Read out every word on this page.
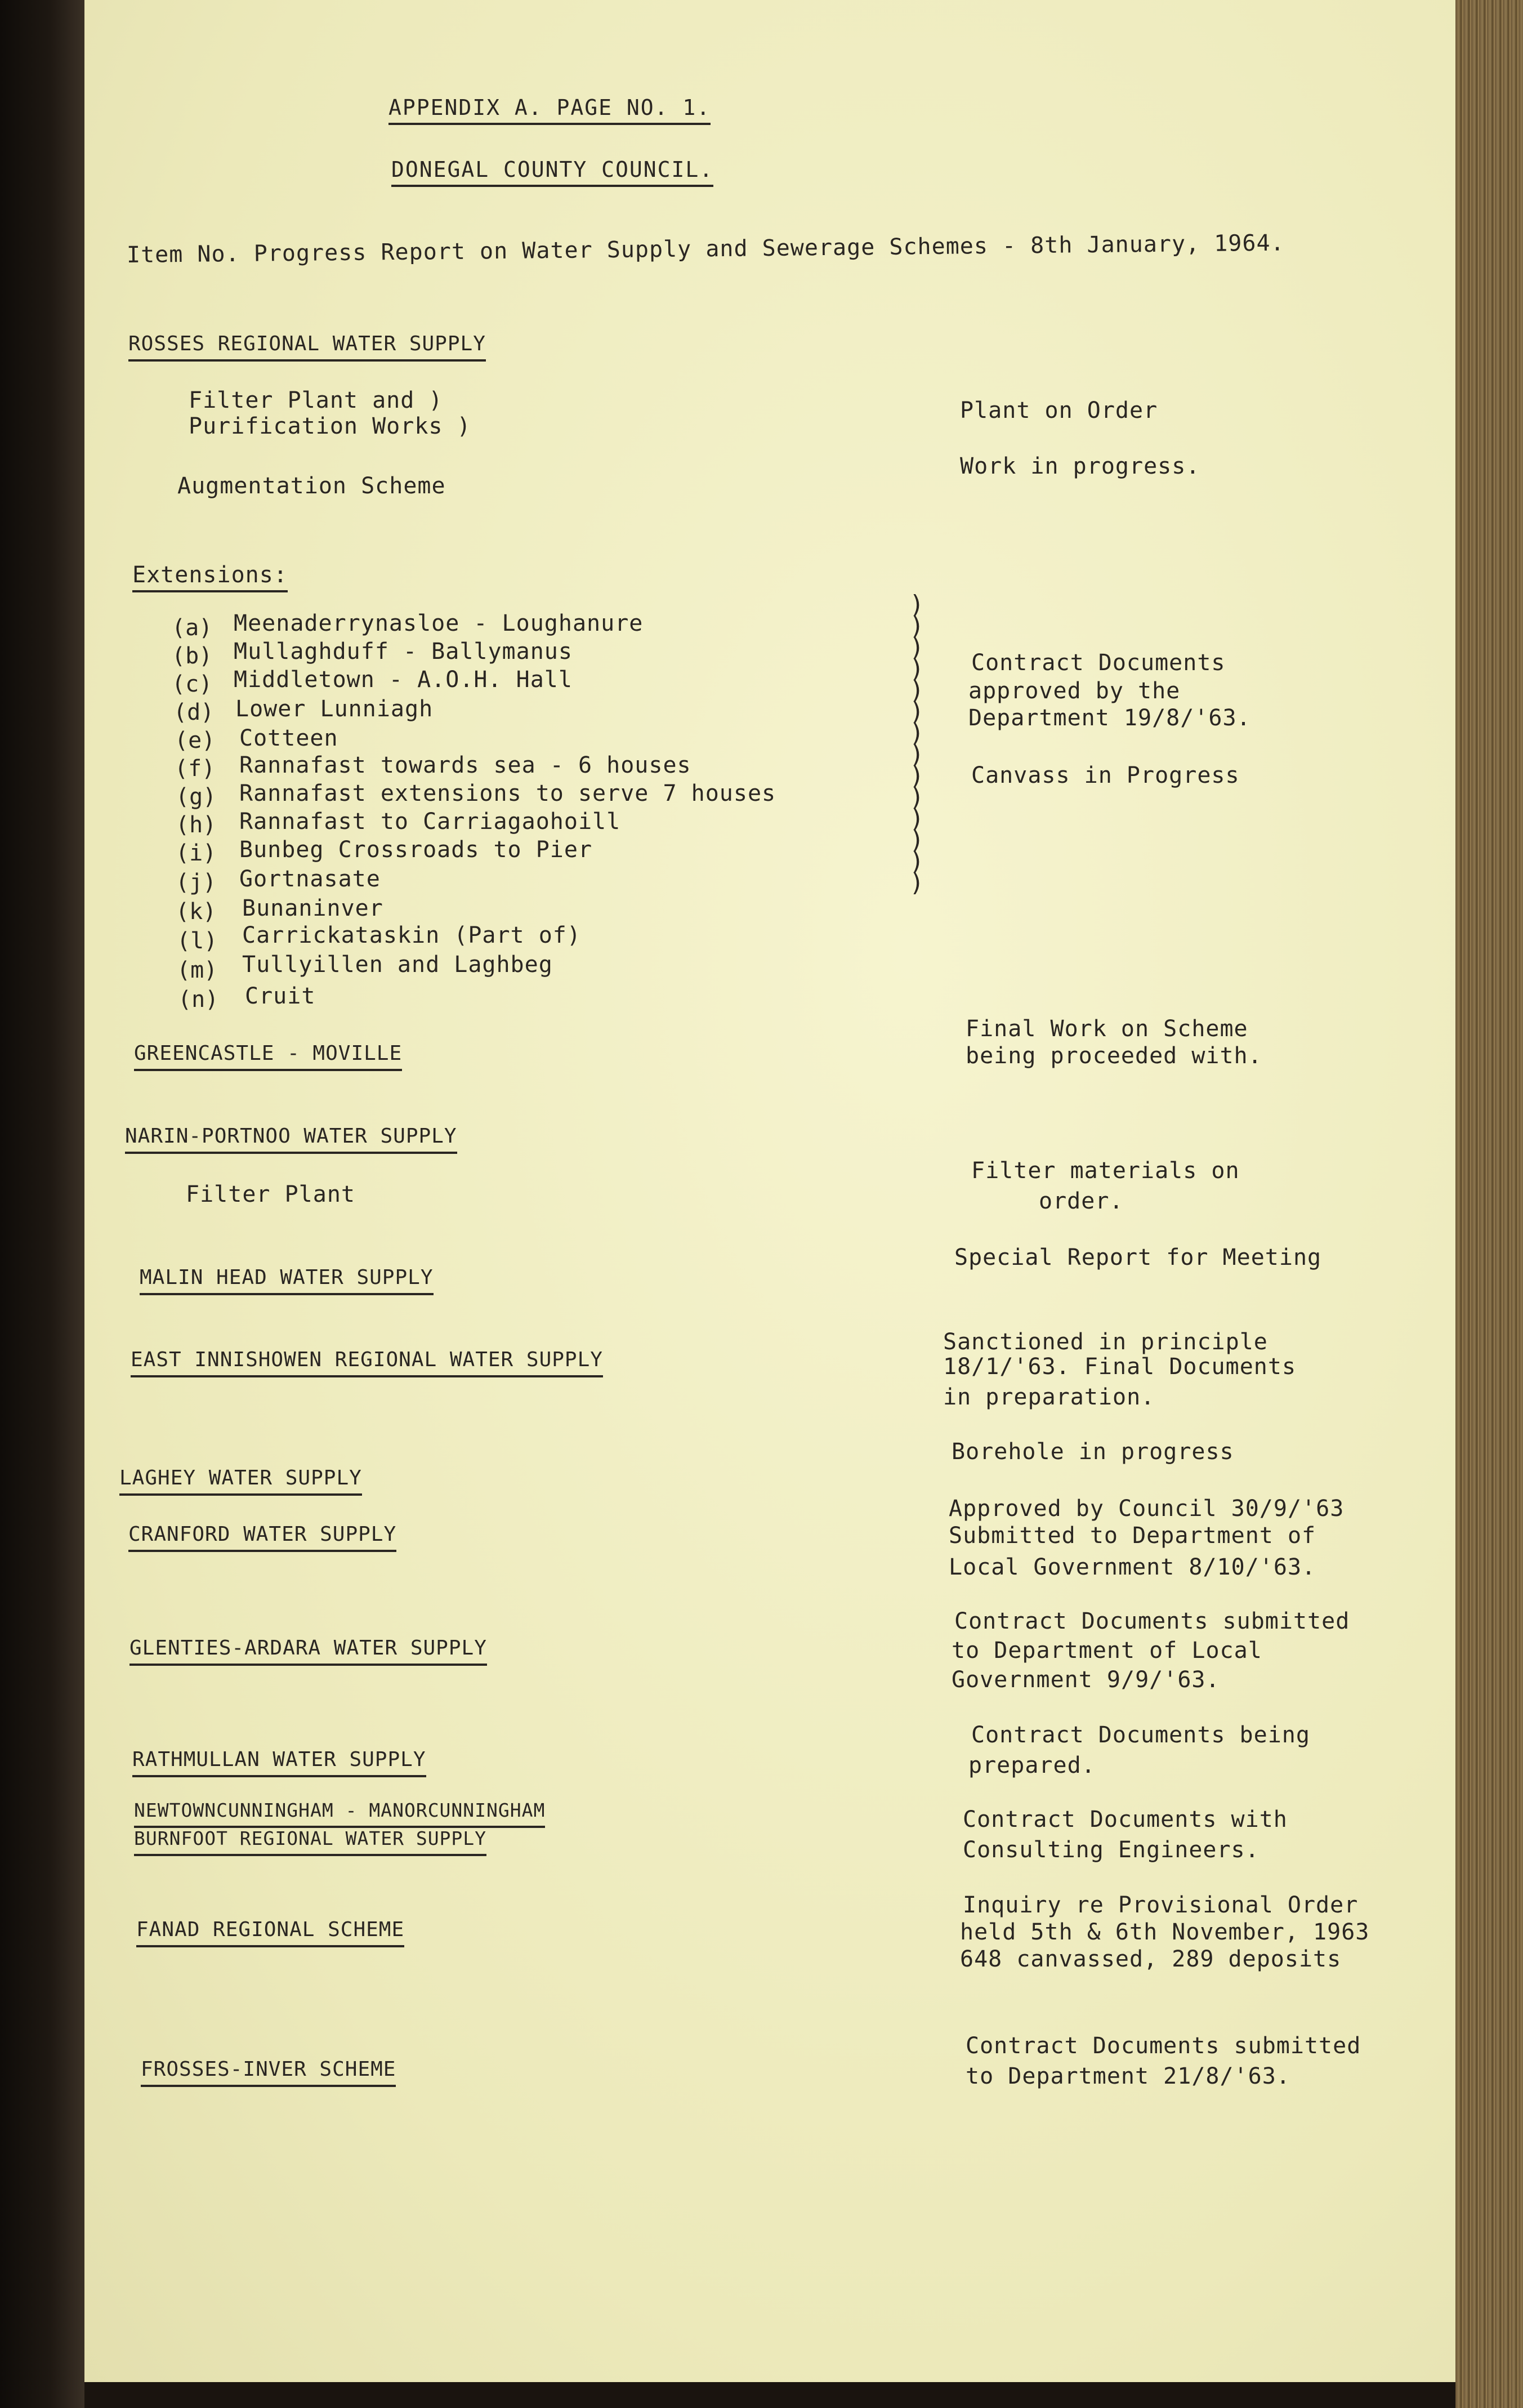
APPENDIX A. PAGE NO. 1.
DONEGAL COUNTY COUNCIL.
Item No. Progress Report on Water Supply and Sewerage Schemes - 8th January, 1964.
ROSSES REGIONAL WATER SUPPLY
Filter Plant and )
Purification Works )
Plant on Order
Augmentation Scheme
Work in progress.
Extensions:
(a) Meenaderrynasloe - Loughanure
(b) Mullaghduff - Ballymanus
(c) Middletown - A.O.H. Hall
(d) Lower Lunniagh
(e) Cotteen
(f) Rannafast towards sea - 6 houses
(g) Rannafast extensions to serve 7 houses
(h) Rannafast to Carriagaohoill
(i) Bunbeg Crossroads to Pier
(j) Gortnasate
(k) Bunaninver
(l) Carrickataskin (Part of)
(m) Tullyillen and Laghbeg
(n) Cruit
)
)
)
)
)
)
)
)
)
)
)
)
)
)
Contract Documents
approved by the
Department 19/8/'63.
Canvass in Progress
GREENCASTLE - MOVILLE
Final Work on Scheme
being proceeded with.
NARIN-PORTNOO WATER SUPPLY
Filter Plant
Filter materials on
order.
MALIN HEAD WATER SUPPLY
Special Report for Meeting
EAST INNISHOWEN REGIONAL WATER SUPPLY
Sanctioned in principle
18/1/'63. Final Documents
in preparation.
LAGHEY WATER SUPPLY
Borehole in progress
CRANFORD WATER SUPPLY
Approved by Council 30/9/'63
Submitted to Department of
Local Government 8/10/'63.
GLENTIES-ARDARA WATER SUPPLY
Contract Documents submitted
to Department of Local
Government 9/9/'63.
RATHMULLAN WATER SUPPLY
Contract Documents being
prepared.
NEWTOWNCUNNINGHAM - MANORCUNNINGHAM
BURNFOOT REGIONAL WATER SUPPLY
Contract Documents with
Consulting Engineers.
FANAD REGIONAL SCHEME
Inquiry re Provisional Order
held 5th & 6th November, 1963
648 canvassed, 289 deposits
FROSSES-INVER SCHEME
Contract Documents submitted
to Department 21/8/'63.
